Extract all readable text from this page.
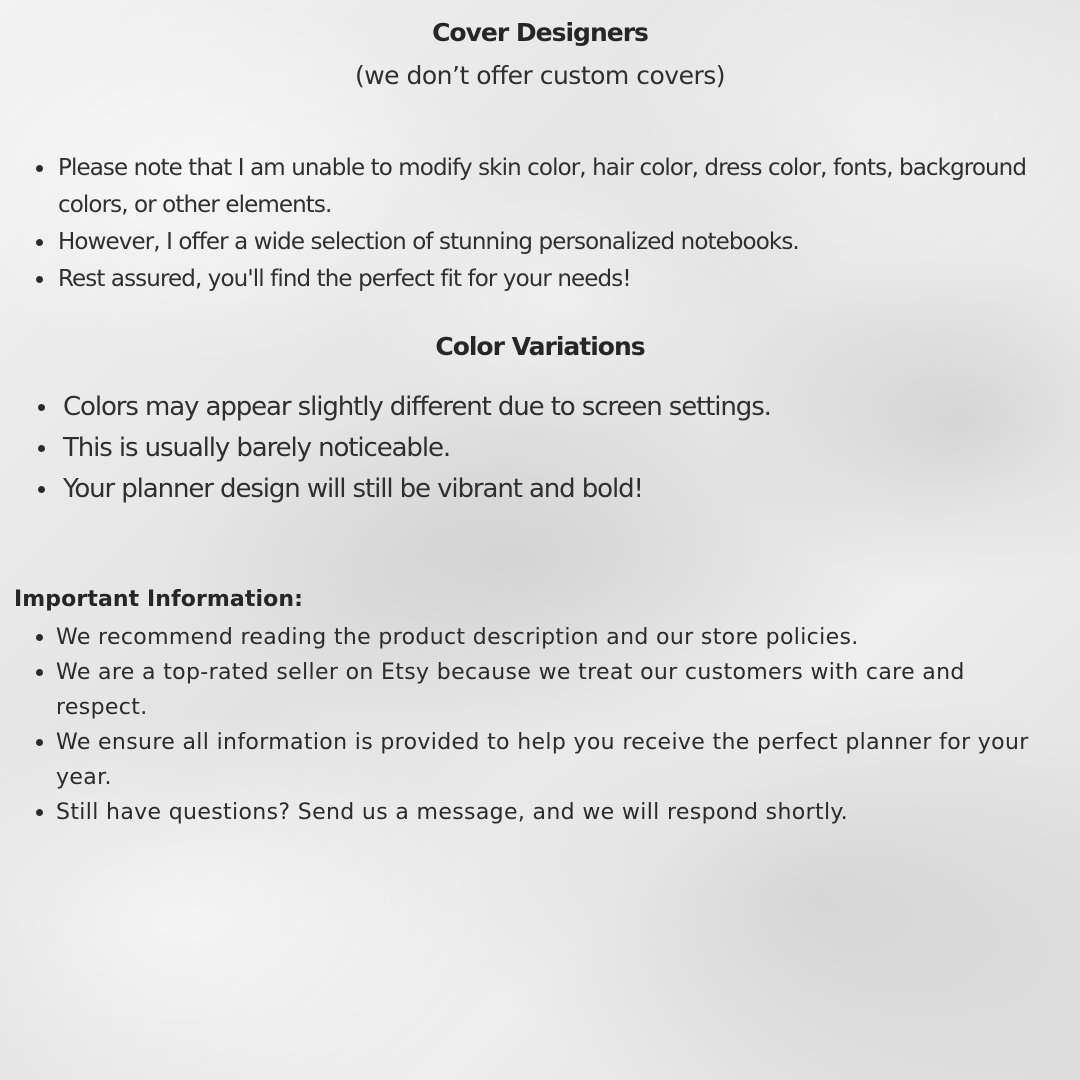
Cover Designers

(we don’t offer custom covers)

Please note that I am unable to modify skin color, hair color, dress color, fonts, background colors, or other elements.
However, I offer a wide selection of stunning personalized notebooks.
Rest assured, you'll find the perfect fit for your needs!
Color Variations
Colors may appear slightly different due to screen settings.
This is usually barely noticeable.
Your planner design will still be vibrant and bold!
Important Information:
We recommend reading the product description and our store policies.
We are a top-rated seller on Etsy because we treat our customers with care and respect.
We ensure all information is provided to help you receive the perfect planner for your year.
Still have questions? Send us a message, and we will respond shortly.
